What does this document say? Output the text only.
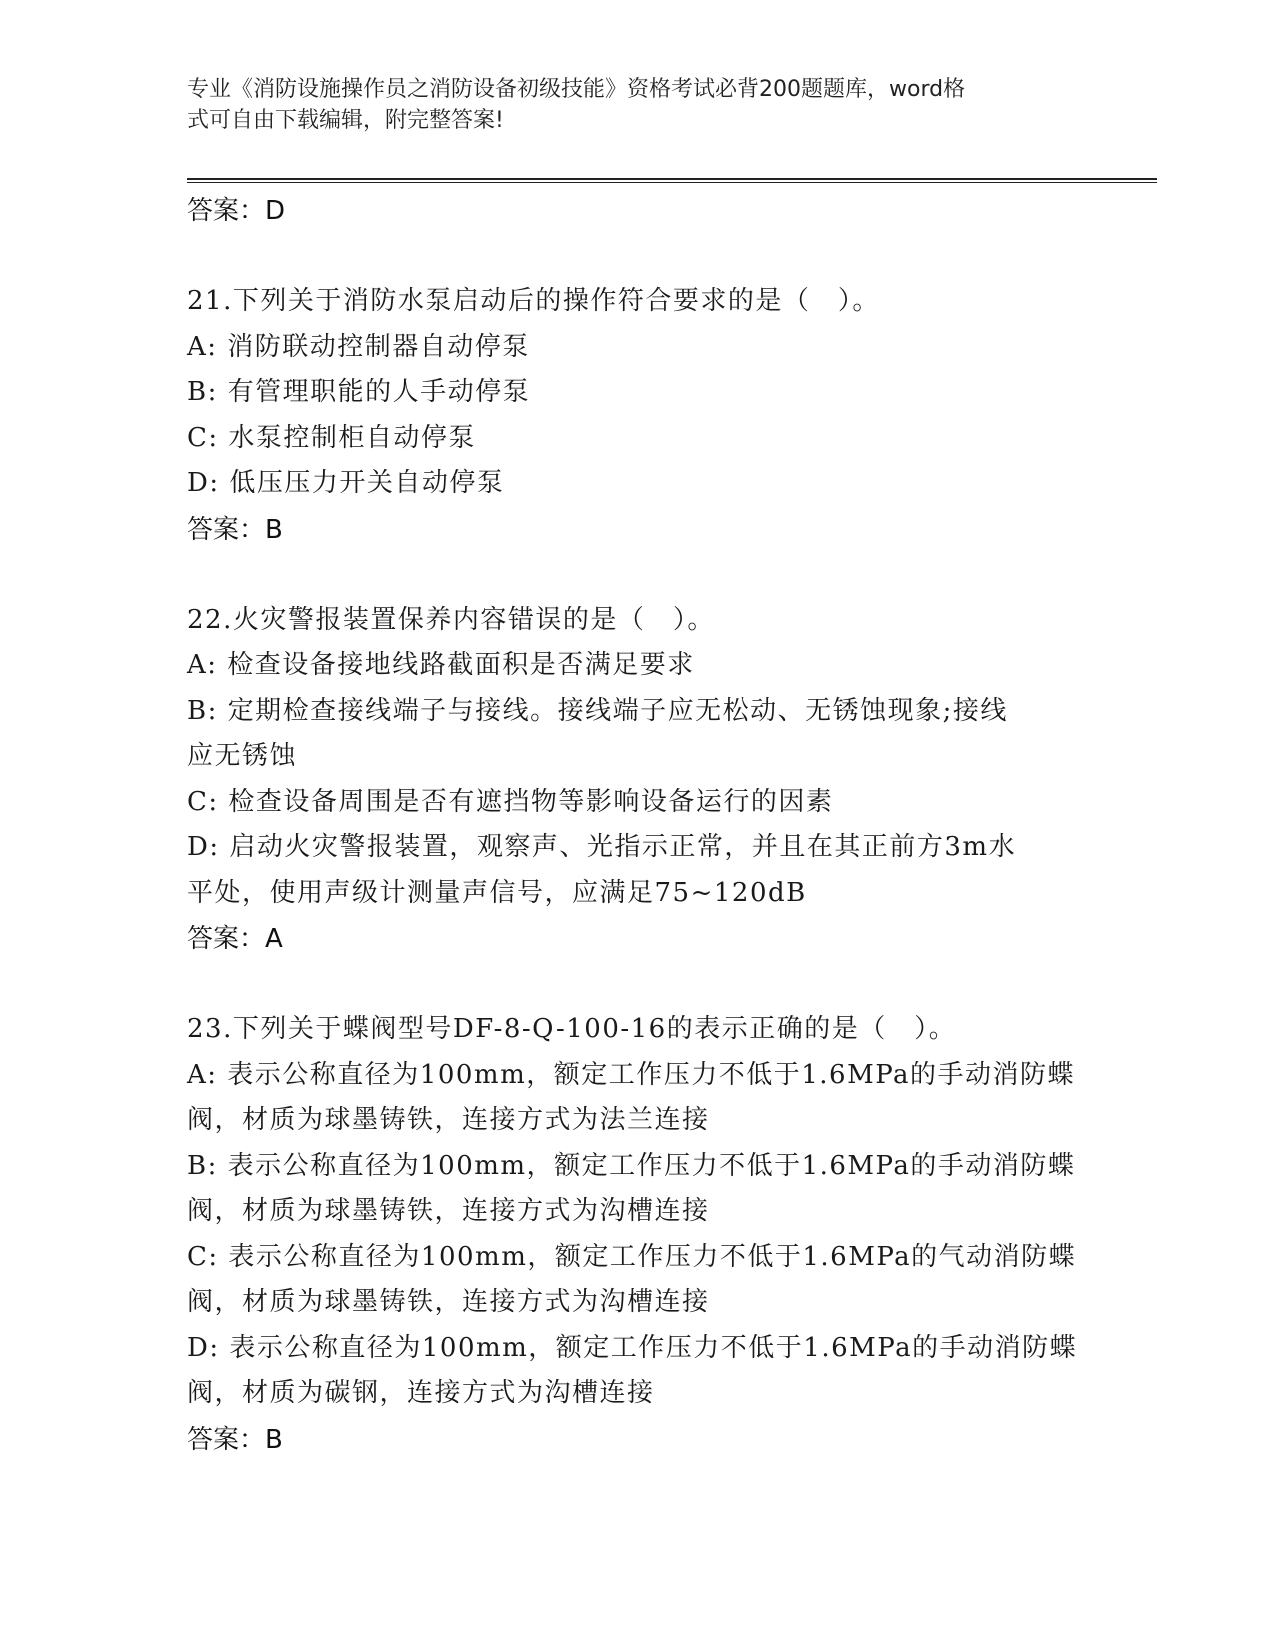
专业《消防设施操作员之消防设备初级技能》资格考试必背200题题库，word格
式可自由下载编辑，附完整答案!
答案：D
21.下列关于消防水泵启动后的操作符合要求的是（　）。
A: 消防联动控制器自动停泵
B: 有管理职能的人手动停泵
C: 水泵控制柜自动停泵
D: 低压压力开关自动停泵
答案：B
22.火灾警报装置保养内容错误的是（　）。
A: 检查设备接地线路截面积是否满足要求
B: 定期检查接线端子与接线。接线端子应无松动、无锈蚀现象;接线
应无锈蚀
C: 检查设备周围是否有遮挡物等影响设备运行的因素
D: 启动火灾警报装置，观察声、光指示正常，并且在其正前方3m水
平处，使用声级计测量声信号，应满足75~120dB
答案：A
23.下列关于蝶阀型号DF-8-Q-100-16的表示正确的是（　）。
A: 表示公称直径为100mm，额定工作压力不低于1.6MPa的手动消防蝶
阀，材质为球墨铸铁，连接方式为法兰连接
B: 表示公称直径为100mm，额定工作压力不低于1.6MPa的手动消防蝶
阀，材质为球墨铸铁，连接方式为沟槽连接
C: 表示公称直径为100mm，额定工作压力不低于1.6MPa的气动消防蝶
阀，材质为球墨铸铁，连接方式为沟槽连接
D: 表示公称直径为100mm，额定工作压力不低于1.6MPa的手动消防蝶
阀，材质为碳钢，连接方式为沟槽连接
答案：B
